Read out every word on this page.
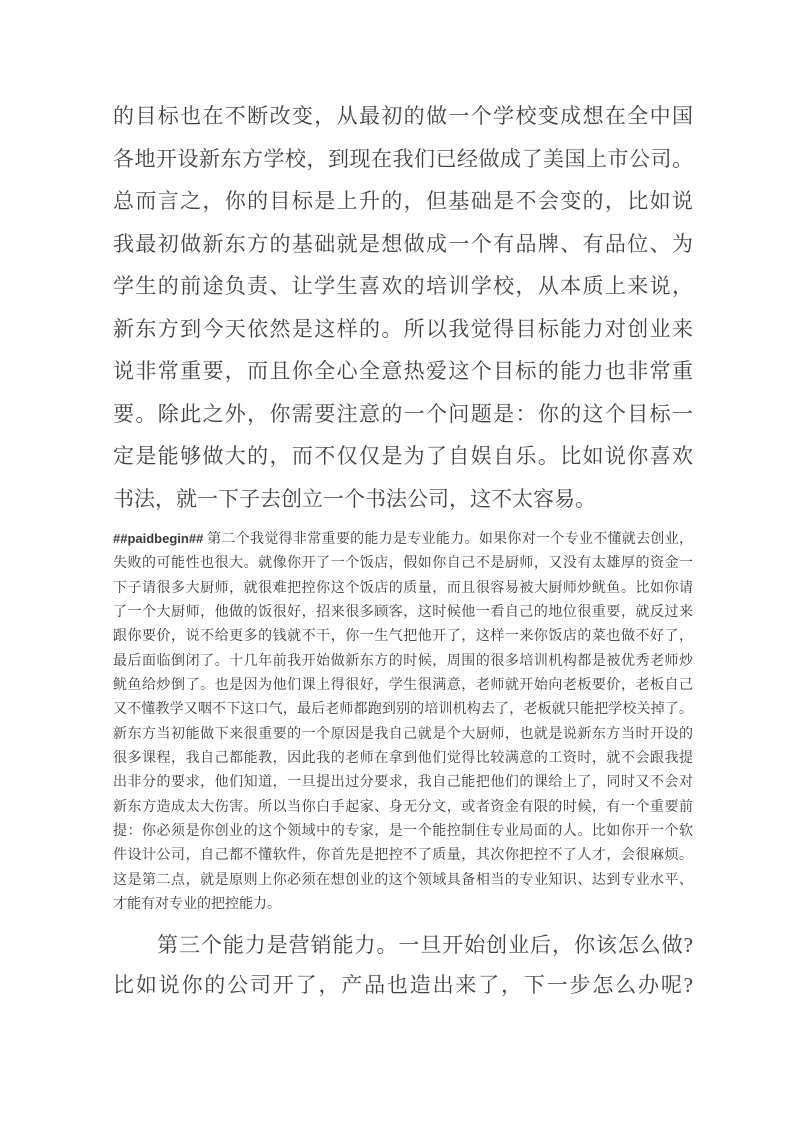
的目标也在不断改变，从最初的做一个学校变成想在全中国
各地开设新东方学校，到现在我们已经做成了美国上市公司。
总而言之，你的目标是上升的，但基础是不会变的，比如说
我最初做新东方的基础就是想做成一个有品牌、有品位、为
学生的前途负责、让学生喜欢的培训学校，从本质上来说，
新东方到今天依然是这样的。所以我觉得目标能力对创业来
说非常重要，而且你全心全意热爱这个目标的能力也非常重
要。除此之外，你需要注意的一个问题是：你的这个目标一
定是能够做大的，而不仅仅是为了自娱自乐。比如说你喜欢
书法，就一下子去创立一个书法公司，这不太容易。
##paidbegin## 第二个我觉得非常重要的能力是专业能力。如果你对一个专业不懂就去创业，
失败的可能性也很大。就像你开了一个饭店，假如你自己不是厨师，又没有太雄厚的资金一
下子请很多大厨师，就很难把控你这个饭店的质量，而且很容易被大厨师炒鱿鱼。比如你请
了一个大厨师，他做的饭很好，招来很多顾客，这时候他一看自己的地位很重要，就反过来
跟你要价，说不给更多的钱就不干，你一生气把他开了，这样一来你饭店的菜也做不好了，
最后面临倒闭了。十几年前我开始做新东方的时候，周围的很多培训机构都是被优秀老师炒
鱿鱼给炒倒了。也是因为他们课上得很好，学生很满意，老师就开始向老板要价，老板自己
又不懂教学又咽不下这口气，最后老师都跑到别的培训机构去了，老板就只能把学校关掉了。
新东方当初能做下来很重要的一个原因是我自己就是个大厨师，也就是说新东方当时开设的
很多课程，我自己都能教，因此我的老师在拿到他们觉得比较满意的工资时，就不会跟我提
出非分的要求，他们知道，一旦提出过分要求，我自己能把他们的课给上了，同时又不会对
新东方造成太大伤害。所以当你白手起家、身无分文，或者资金有限的时候，有一个重要前
提：你必须是你创业的这个领域中的专家，是一个能控制住专业局面的人。比如你开一个软
件设计公司，自己都不懂软件，你首先是把控不了质量，其次你把控不了人才，会很麻烦。
这是第二点，就是原则上你必须在想创业的这个领域具备相当的专业知识、达到专业水平、
才能有对专业的把控能力。
第三个能力是营销能力。一旦开始创业后，你该怎么做?
比如说你的公司开了，产品也造出来了，下一步怎么办呢?
